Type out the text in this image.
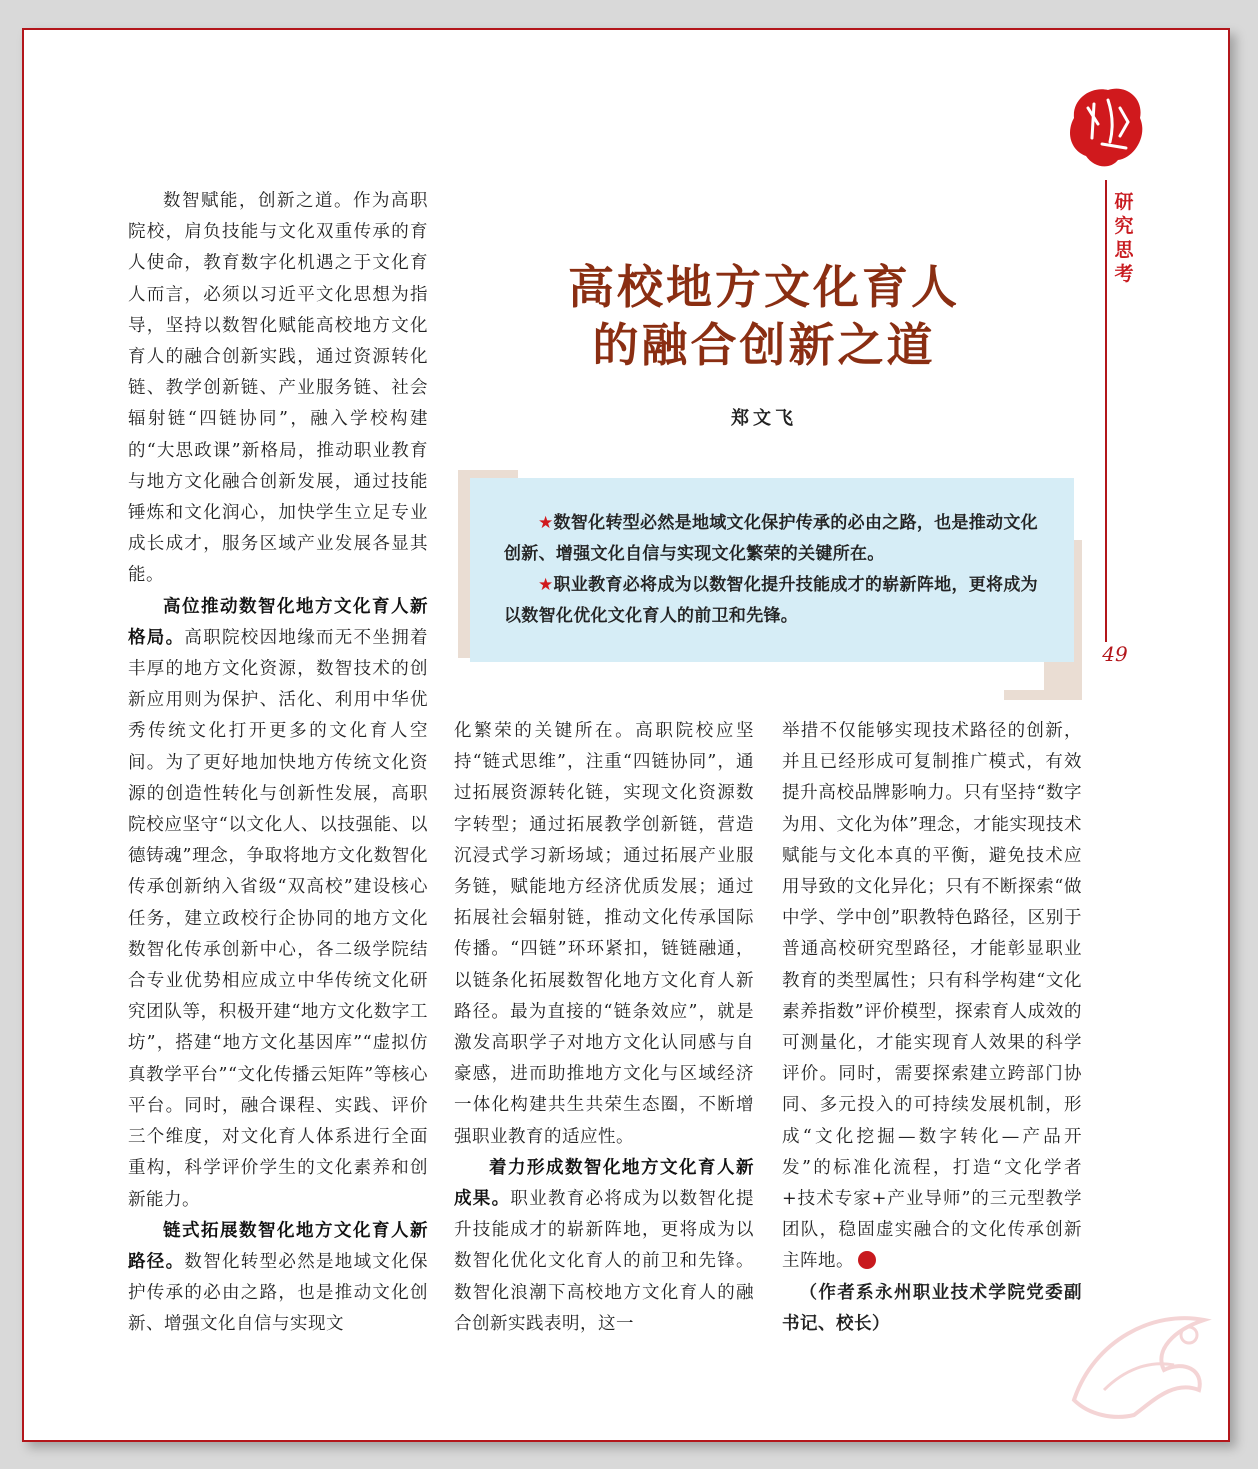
研
究
思
考
49

数智赋能，创新之道。作为高职院校，肩负技能与文化双重传承的育人使命，教育数字化机遇之于文化育人而言，必须以习近平文化思想为指导，坚持以数智化赋能高校地方文化育人的融合创新实践，通过资源转化链、教学创新链、产业服务链、社会辐射链“四链协同”，融入学校构建的“大思政课”新格局，推动职业教育与地方文化融合创新发展，通过技能锤炼和文化润心，加快学生立足专业成长成才，服务区域产业发展各显其能。

高位推动数智化地方文化育人新格局。高职院校因地缘而无不坐拥着丰厚的地方文化资源，数智技术的创新应用则为保护、活化、利用中华优秀传统文化打开更多的文化育人空间。为了更好地加快地方传统文化资源的创造性转化与创新性发展，高职院校应坚守“以文化人、以技强能、以德铸魂”理念，争取将地方文化数智化传承创新纳入省级“双高校”建设核心任务，建立政校行企协同的地方文化数智化传承创新中心，各二级学院结合专业优势相应成立中华传统文化研究团队等，积极开建“地方文化数字工坊”，搭建“地方文化基因库”“虚拟仿真教学平台”“文化传播云矩阵”等核心平台。同时，融合课程、实践、评价三个维度，对文化育人体系进行全面重构，科学评价学生的文化素养和创新能力。

链式拓展数智化地方文化育人新路径。数智化转型必然是地域文化保护传承的必由之路，也是推动文化创新、增强文化自信与实现文

高校地方文化育人
的融合创新之道
郑文飞

★数智化转型必然是地域文化保护传承的必由之路，也是推动文化创新、增强文化自信与实现文化繁荣的关键所在。

★职业教育必将成为以数智化提升技能成才的崭新阵地，更将成为以数智化优化文化育人的前卫和先锋。

化繁荣的关键所在。高职院校应坚持“链式思维”，注重“四链协同”，通过拓展资源转化链，实现文化资源数字转型；通过拓展教学创新链，营造沉浸式学习新场域；通过拓展产业服务链，赋能地方经济优质发展；通过拓展社会辐射链，推动文化传承国际传播。“四链”环环紧扣，链链融通，以链条化拓展数智化地方文化育人新路径。最为直接的“链条效应”，就是激发高职学子对地方文化认同感与自豪感，进而助推地方文化与区域经济一体化构建共生共荣生态圈，不断增强职业教育的适应性。

着力形成数智化地方文化育人新成果。职业教育必将成为以数智化提升技能成才的崭新阵地，更将成为以数智化优化文化育人的前卫和先锋。数智化浪潮下高校地方文化育人的融合创新实践表明，这一

举措不仅能够实现技术路径的创新，并且已经形成可复制推广模式，有效提升高校品牌影响力。只有坚持“数字为用、文化为体”理念，才能实现技术赋能与文化本真的平衡，避免技术应用导致的文化异化；只有不断探索“做中学、学中创”职教特色路径，区别于普通高校研究型路径，才能彰显职业教育的类型属性；只有科学构建“文化素养指数”评价模型，探索育人成效的可测量化，才能实现育人效果的科学评价。同时，需要探索建立跨部门协同、多元投入的可持续发展机制，形成“文化挖掘—数字转化—产品开发”的标准化流程，打造“文化学者+技术专家+产业导师”的三元型教学团队，稳固虚实融合的文化传承创新主阵地。

（作者系永州职业技术学院党委副书记、校长）
